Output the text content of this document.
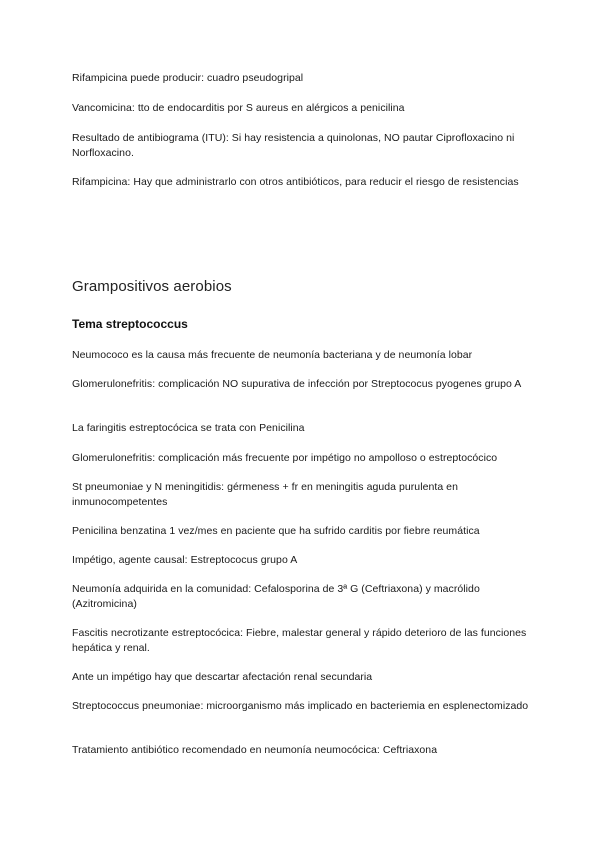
Rifampicina puede producir: cuadro pseudogripal

Vancomicina: tto de endocarditis por S aureus en alérgicos a penicilina

Resultado de antibiograma (ITU): Si hay resistencia a quinolonas, NO pautar Ciprofloxacino ni Norfloxacino.

Rifampicina: Hay que administrarlo con otros antibióticos, para reducir el riesgo de resistencias

Grampositivos aerobios
Tema streptococcus

Neumococo es la causa más frecuente de neumonía bacteriana y de neumonía lobar

Glomerulonefritis: complicación NO supurativa de infección por Streptococus pyogenes grupo A

La faringitis estreptocócica se trata con Penicilina

Glomerulonefritis: complicación más frecuente por impétigo no ampolloso o estreptocócico

St pneumoniae y N meningitidis: gérmeness + fr en meningitis aguda purulenta en inmunocompetentes

Penicilina benzatina 1 vez/mes en paciente que ha sufrido carditis por fiebre reumática

Impétigo, agente causal: Estreptococus grupo A

Neumonía adquirida en la comunidad: Cefalosporina de 3ª G (Ceftriaxona) y macrólido (Azitromicina)

Fascitis necrotizante estreptocócica: Fiebre, malestar general y rápido deterioro de las funciones hepática y renal.

Ante un impétigo hay que descartar afectación renal secundaria

Streptococcus pneumoniae: microorganismo más implicado en bacteriemia en esplenectomizado

Tratamiento antibiótico recomendado en neumonía neumocócica: Ceftriaxona
